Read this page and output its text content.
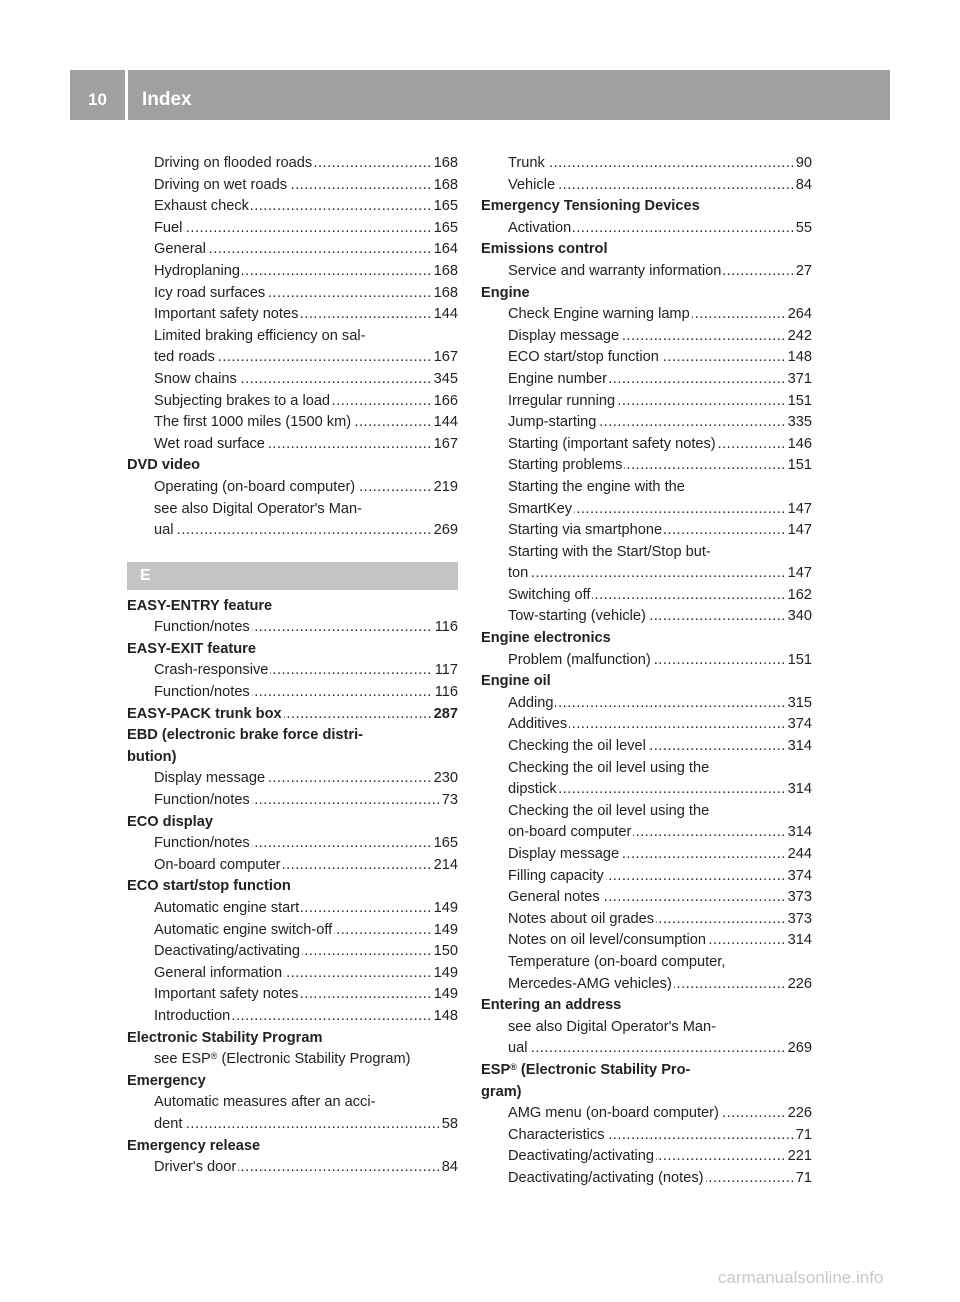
10	Index
..... Driving on flooded roads	168
..... Driving on wet roads	168
..... Exhaust check	165
..... Fuel	165
..... General	164
..... Hydroplaning	168
..... Icy road surfaces	168
..... Important safety notes	144
Limited braking efficiency on sal-
..... ted roads	167
..... Snow chains	345
..... Subjecting brakes to a load	166
..... The first 1000 miles (1500 km)	144
..... Wet road surface	167
DVD video
..... Operating (on-board computer)	219
see also Digital Operator's Man-
..... ual	269
E
EASY-ENTRY feature
..... Function/notes	116
EASY-EXIT feature
..... Crash-responsive	117
..... Function/notes	116
..... EASY-PACK trunk box	287
EBD (electronic brake force distri-
bution)
..... Display message	230
..... Function/notes	73
ECO display
..... Function/notes	165
..... On-board computer	214
ECO start/stop function
..... Automatic engine start	149
..... Automatic engine switch-off	149
..... Deactivating/activating	150
..... General information	149
..... Important safety notes	149
..... Introduction	148
Electronic Stability Program
see ESP® (Electronic Stability Program)
Emergency
Automatic measures after an acci-
..... dent	58
Emergency release
..... Driver's door	84
..... Trunk	90
..... Vehicle	84
Emergency Tensioning Devices
..... Activation	55
Emissions control
..... Service and warranty information	27
Engine
..... Check Engine warning lamp	264
..... Display message	242
..... ECO start/stop function	148
..... Engine number	371
..... Irregular running	151
..... Jump-starting	335
..... Starting (important safety notes)	146
..... Starting problems	151
Starting the engine with the
..... SmartKey	147
..... Starting via smartphone	147
Starting with the Start/Stop but-
..... ton	147
..... Switching off	162
..... Tow-starting (vehicle)	340
Engine electronics
..... Problem (malfunction)	151
Engine oil
..... Adding	315
..... Additives	374
..... Checking the oil level	314
Checking the oil level using the
..... dipstick	314
Checking the oil level using the
..... on-board computer	314
..... Display message	244
..... Filling capacity	374
..... General notes	373
..... Notes about oil grades	373
..... Notes on oil level/consumption	314
Temperature (on-board computer,
..... Mercedes-AMG vehicles)	226
Entering an address
see also Digital Operator's Man-
..... ual	269
ESP® (Electronic Stability Pro-
gram)
..... AMG menu (on-board computer)	226
..... Characteristics	71
..... Deactivating/activating	221
..... Deactivating/activating (notes)	71
carmanualsonline.info
